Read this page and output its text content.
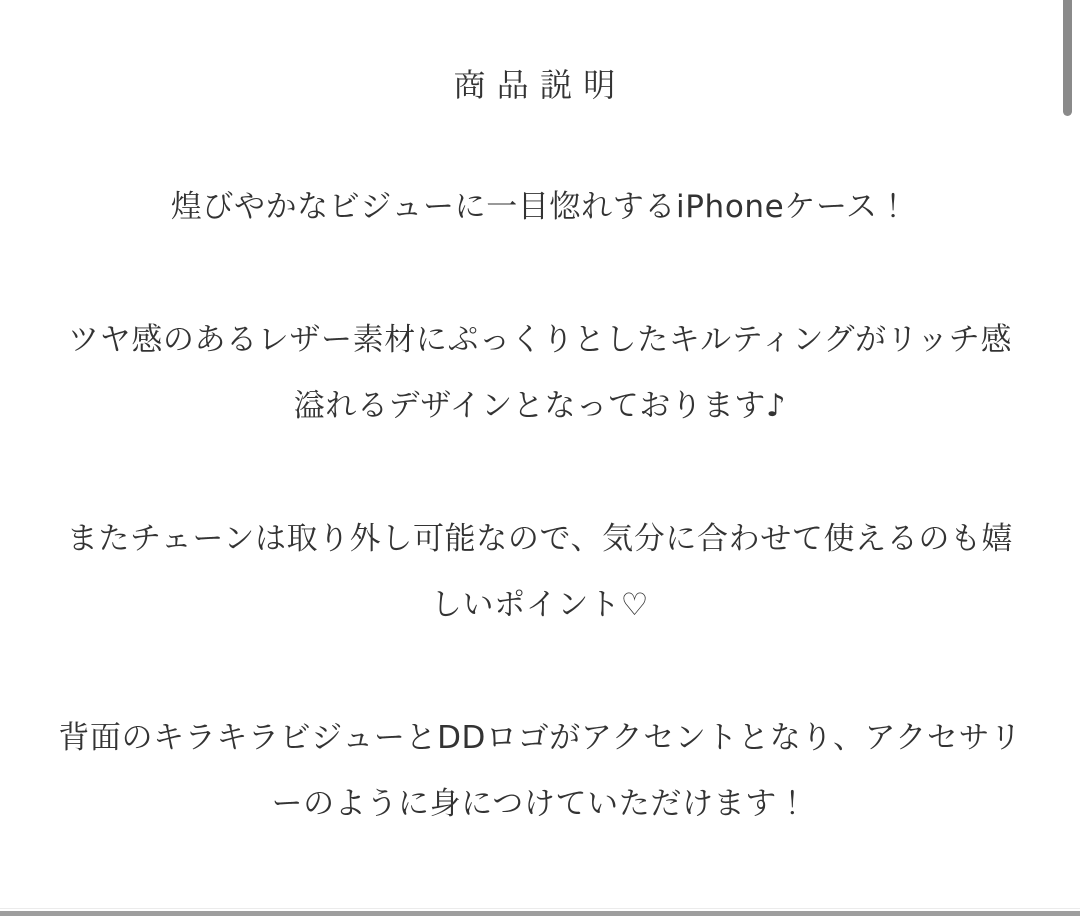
商品説明
煌びやかなビジューに一目惚れするiPhoneケース！
ツヤ感のあるレザー素材にぷっくりとしたキルティングがリッチ感
溢れるデザインとなっております♪
またチェーンは取り外し可能なので、気分に合わせて使えるのも嬉
しいポイント♡
背面のキラキラビジューとDDロゴがアクセントとなり、アクセサリ
ーのように身につけていただけます！
